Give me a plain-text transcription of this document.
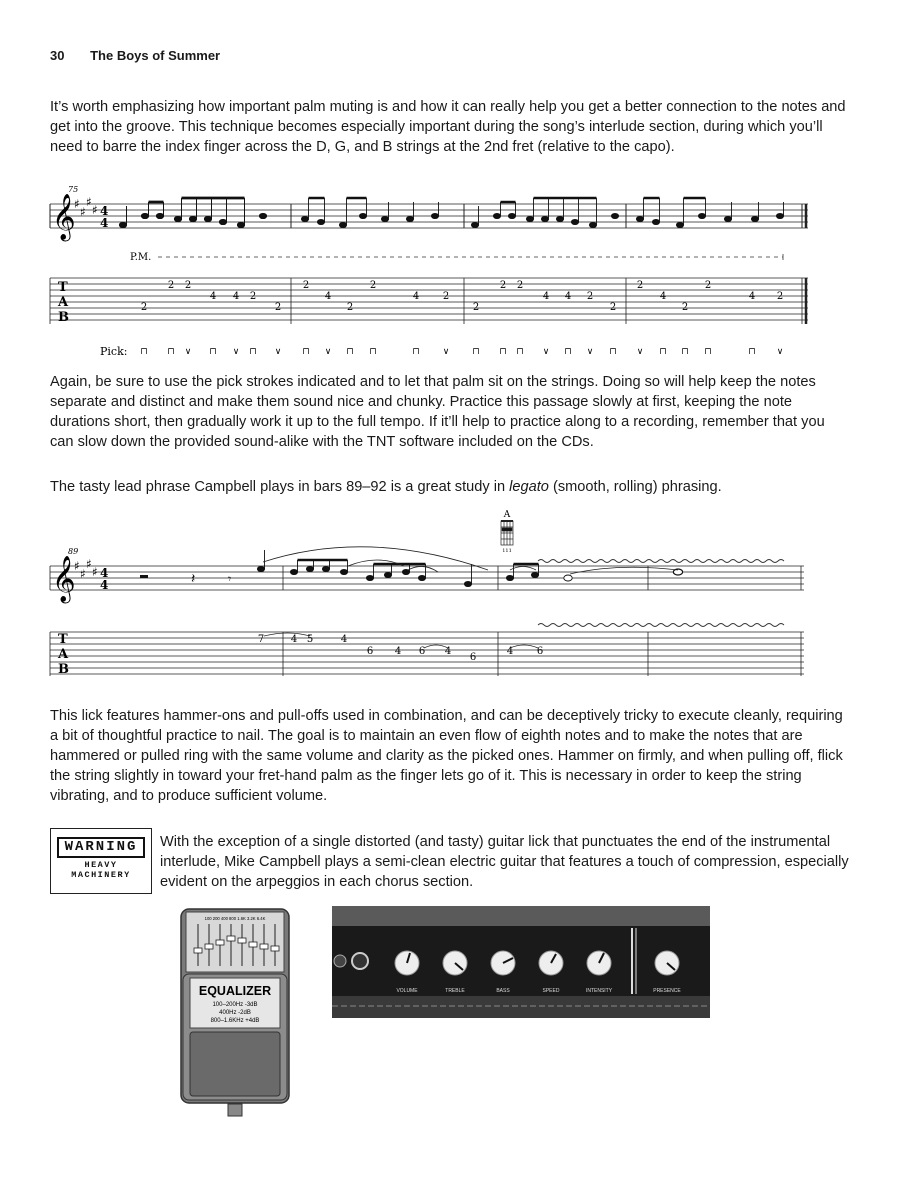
30 The Boys of Summer

It’s worth emphasizing how important palm muting is and how it can really help you get a better connection to the notes and get into the groove. This technique becomes especially important during the song’s interlude section, during which you’ll need to barre the index finger across the D, G, and B strings at the 2nd fret (relative to the capo).

75
𝄞
♯
♯
♯
♯ 4
4
P.M.
T
A
B
2
2 2
4 4 2
2
2
4
2
2
4 2
2
2 2
4 4 2
2
2
4
2
2
4 2
Pick: ⊓ ⊓ ∨ ⊓ ∨ ⊓ ∨ ⊓ ∨ ⊓ ⊓	⊓	∨	⊓ ⊓ ⊓ ∨ ⊓ ∨ ⊓ ∨ ⊓ ⊓ ⊓	⊓ ∨

Again, be sure to use the pick strokes indicated and to let that palm sit on the strings. Doing so will help keep the notes separate and distinct and make them sound nice and chunky. Practice this passage slowly at first, keeping the note durations short, then gradually work it up to the full tempo. If it’ll help to practice along to a recording, remember that you can slow down the provided sound-alike with the TNT software included on the CDs.

The tasty lead phrase Campbell plays in bars 89–92 is a great study in legato (smooth, rolling) phrasing.

89
A
111
𝄞
♯
♯
♯
♯ 4
4	𝄽	𝄾
T
A
B
7	4 5	4
6 4 6 4
6
4 6

This lick features hammer-ons and pull-offs used in combination, and can be deceptively tricky to execute cleanly, requiring a bit of thoughtful practice to nail. The goal is to maintain an even flow of eighth notes and to make the notes that are hammered or pulled ring with the same volume and clarity as the picked ones. Hammer on firmly, and when pulling off, flick the string slightly in toward your fret-hand palm as the finger lets go of it. This is necessary in order to keep the string vibrating, and to produce sufficient volume.

WARNING
HEAVY
MACHINERY

With the exception of a single distorted (and tasty) guitar lick that punctuates the end of the instrumental interlude, Mike Campbell plays a semi-clean electric guitar that features a touch of compression, especially evident on the arpeggios in each chorus section.

100 200 400 800 1.6K 3.2K 6.4K
EQUALIZER
100–200Hz -3dB
400Hz -2dB
800–1.6KHz +4dB
VOLUME	TREBLE	BASS	SPEED	INTENSITY	PRESENCE
